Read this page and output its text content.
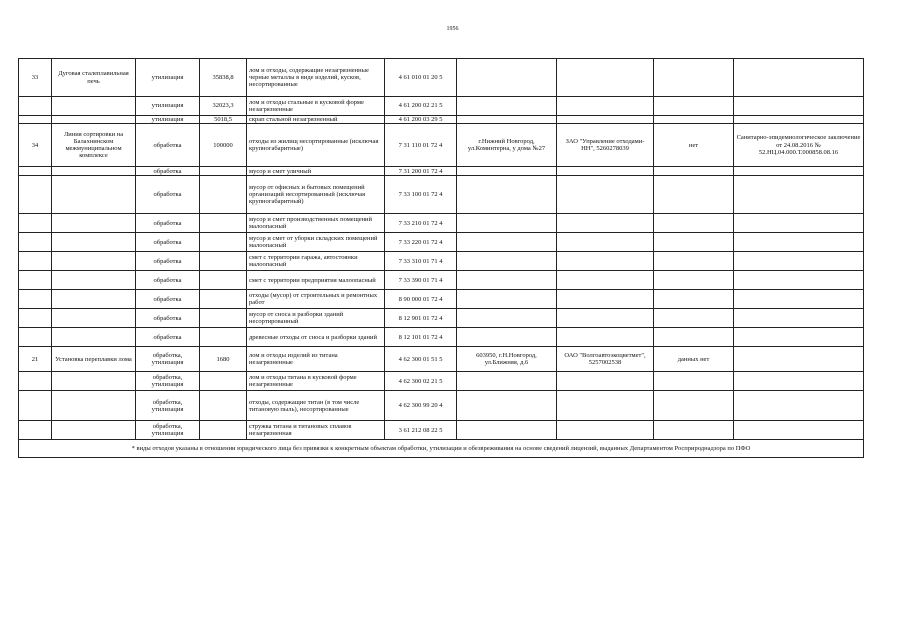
1956
33	Дуговая сталеплавильная печь	утилизация	35838,8	лом и отходы, содержащие незагрязненные черные металлы в виде изделий, кусков, несортированные	4 61 010 01 20 5				
		утилизация	32023,3	лом и отходы стальные в кусковой форме незагрязненные	4 61 200 02 21 5				
		утилизация	5018,5	скрап стальной незагрязненный	4 61 200 03 29 5				
34	Линия сортировки на Балахнинском межмуниципальном комплексе	обработка	100000	отходы из жилищ несортированные (исключая крупногабаритные)	7 31 110 01 72 4	г.Нижний Новгород, ул.Коминтерна, у дома №27	ЗАО "Управление отходами-НН", 5260278039	нет	Санитарно-эпидемиологическое заключение от 24.08.2016 № 52.НЦ.04.000.Т.000858.08.16
		обработка		мусор и смет уличный	7 31 200 01 72 4				
		обработка		мусор от офисных и бытовых помещений организаций несортированный (исключая крупногабаритный)	7 33 100 01 72 4				
		обработка		мусор и смет производственных помещений малоопасный	7 33 210 01 72 4				
		обработка		мусор и смет от уборки складских помещений малоопасный	7 33 220 01 72 4				
		обработка		смет с территории гаража, автостоянки малоопасный	7 33 310 01 71 4				
		обработка		смет с территории предприятия малоопасный	7 33 390 01 71 4				
		обработка		отходы (мусор) от строительных и ремонтных работ	8 90 000 01 72 4				
		обработка		мусор от сноса и разборки зданий несортированный	8 12 901 01 72 4				
		обработка		древесные отходы от сноса и разборки зданий	8 12 101 01 72 4				
21	Установка переплавки лома	обработка, утилизация	1680	лом и отходы изделий из титана незагрязненные	4 62 300 01 51 5	603950, г.Н.Новгород, ул.Ближняя, д.6	ОАО "Волгоавтоэкоцветмет", 5257002538	данных нет	
		обработка, утилизация		лом и отходы титана в кусковой форме незагрязненные	4 62 300 02 21 5				
		обработка, утилизация		отходы, содержащие титан (в том числе титановую пыль), несортированные	4 62 300 99 20 4				
		обработка, утилизация		стружка титана и титановых сплавов незагрязненная	3 61 212 08 22 5				
* виды отходов указаны в отношении юридического лица без привязки к конкретным объектам обработки, утилизации и обезвреживания на основе сведений лицензий, выданных Департаментом Росприроднадзора по ПФО									
